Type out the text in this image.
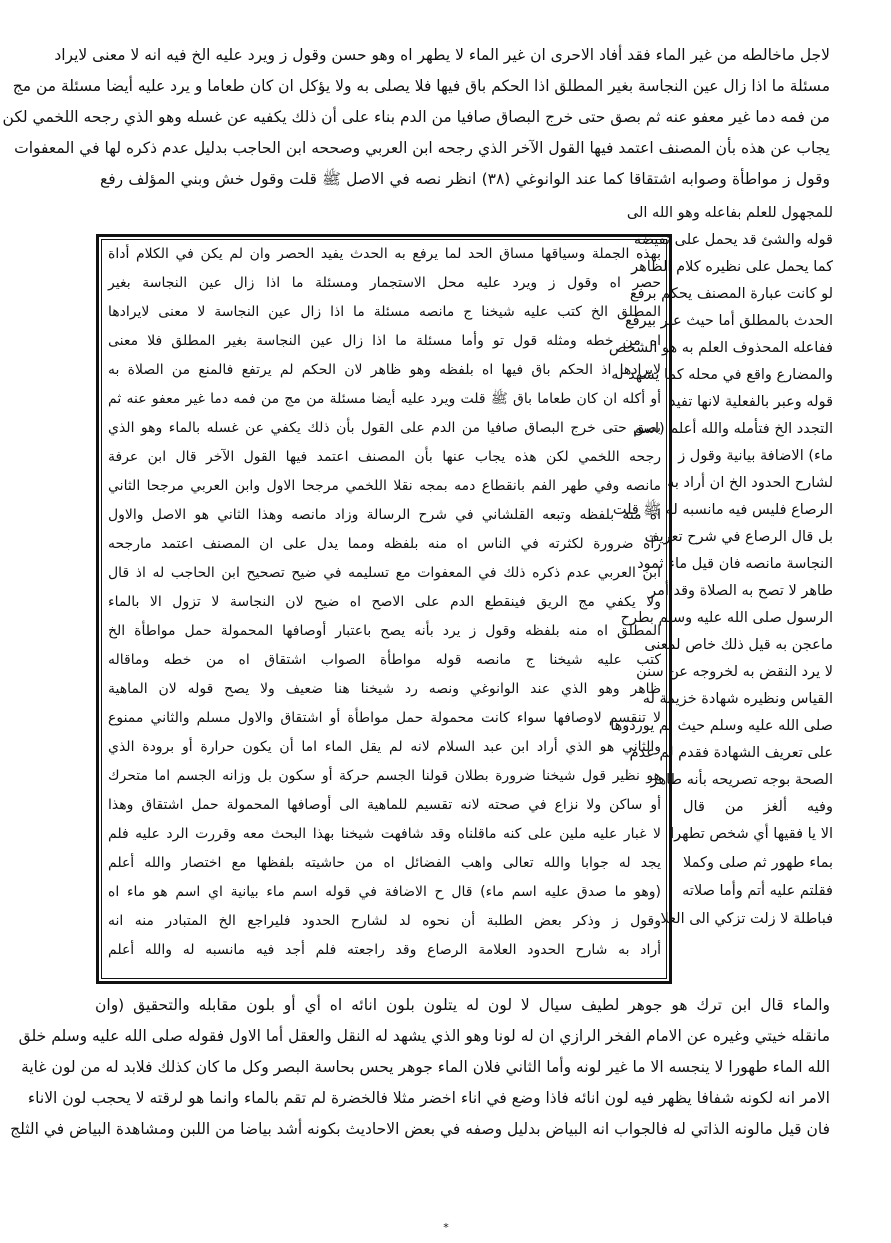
لاجل ماخالطه من غير الماء فقد أفاد الاحرى ان غير الماء لا يطهر اه وهو حسن وقول ز ويرد عليه الخ فيه انه لا معنى لايراد
مسئلة ما اذا زال عين النجاسة بغير المطلق اذا الحكم باق فيها فلا يصلى به ولا يؤكل ان كان طعاما و يرد عليه أيضا مسئلة من مج
من فمه دما غير معفو عنه ثم بصق حتى خرج البصاق صافيا من الدم بناء على أن ذلك يكفيه عن غسله وهو الذي رجحه اللخمي لكن
يجاب عن هذه بأن المصنف اعتمد فيها القول الآخر الذي رجحه ابن العربي وصححه ابن الحاجب بدليل عدم ذكره لها في المعفوات
وقول ز مواطأة وصوابه اشتقاقا كما عند الوانوغي (٣٨) انظر نصه في الاصل ﷺ قلت وقول خش وبني المؤلف رفع
للمجهول للعلم بفاعله وهو الله الى
قوله والشئ قد يحمل على نقيضه
كما يحمل على نظيره كلام الظاهر
لو كانت عبارة المصنف يحكم برفع
الحدث بالمطلق أما حيث عبر بيرفع
ففاعله المحذوف العلم به هو الشخص
والمضارع واقع في محله كما يشهد له
قوله وعبر بالفعلية لانها تفيد
التجدد الخ فتأمله والله أعلم (اسم
ماء) الاضافة بيانية وقول ز
لشارح الحدود الخ ان أراد به
الرصاع فليس فيه مانسبه له ﷺ قلت
بل قال الرصاع في شرح تعريف
النجاسة مانصه فان قيل ماء ثمود
طاهر لا تصح به الصلاة وقد أمر
الرسول صلى الله عليه وسلم بطرح
ماعجن به قيل ذلك خاص لمعنى
لا يرد النقض به لخروجه عن سنن
القياس ونظيره شهادة خزيمة له
صلى الله عليه وسلم حيث لم يوردوها
على تعريف الشهادة فقدم لم عدم
الصحة بوجه تصريحه بأنه طاهر
وفيه ألغز من قال
الا يا فقيها أي شخص تطهرا
بماء طهور ثم صلى وكملا
فقلتم عليه أتم وأما صلاته
فباطلة لا زلت تزكي الى العلا
بهذه الجملة وسياقها مساق الحد لما يرفع به الحدث يفيد الحصر وان لم يكن في الكلام أداة
حصر اه وقول ز ويرد عليه محل الاستجمار ومسئلة ما اذا زال عين النجاسة بغير
المطلق الخ كتب عليه شيخنا ج مانصه مسئلة ما اذا زال عين النجاسة لا معنى لايرادها
اه من خطه ومثله قول تو وأما مسئلة ما اذا زال عين النجاسة بغير المطلق فلا معنى
لايرادها اذ الحكم باق فيها اه بلفظه وهو ظاهر لان الحكم لم يرتفع فالمنع من الصلاة به
أو أكله ان كان طعاما باق ﷺ قلت ويرد عليه أيضا مسئلة من مج من فمه دما غير معفو عنه ثم
بصق حتى خرج البصاق صافيا من الدم على القول بأن ذلك يكفي عن غسله بالماء وهو الذي
رجحه اللخمي لكن هذه يجاب عنها بأن المصنف اعتمد فيها القول الآخر قال ابن عرفة
مانصه وفي طهر الفم بانقطاع دمه بمجه نقلا اللخمي مرجحا الاول وابن العربي مرجحا الثاني
اه منه بلفظه وتبعه القلشاني في شرح الرسالة وزاد مانصه وهذا الثاني هو الاصل والاول
رآه ضرورة لكثرته في الناس اه منه بلفظه ومما يدل على ان المصنف اعتمد مارجحه
ابن العربي عدم ذكره ذلك في المعفوات مع تسليمه في ضيح تصحيح ابن الحاجب له اذ قال
ولا يكفي مج الريق فينقطع الدم على الاصح اه ضيح لان النجاسة لا تزول الا بالماء
المطلق اه منه بلفظه وقول ز يرد بأنه يصح باعتبار أوصافها المحمولة حمل مواطأة الخ
كتب عليه شيخنا ج مانصه قوله مواطأة الصواب اشتقاق اه من خطه وماقاله
ظاهر وهو الذي عند الوانوغي ونصه رد شيخنا هنا ضعيف ولا يصح قوله لان الماهية
لا تنقسم لاوصافها سواء كانت محمولة حمل مواطأة أو اشتقاق والاول مسلم والثاني ممنوع
والثاني هو الذي أراد ابن عبد السلام لانه لم يقل الماء اما أن يكون حرارة أو برودة الذي
هو نظير قول شيخنا ضرورة بطلان قولنا الجسم حركة أو سكون بل وزانه الجسم اما متحرك
أو ساكن ولا نزاع في صحته لانه تقسيم للماهية الى أوصافها المحمولة حمل اشتقاق وهذا
لا غبار عليه ملين على كنه ماقلناه وقد شافهت شيخنا بهذا البحث معه وقررت الرد عليه فلم
يجد له جوابا والله تعالى واهب الفضائل اه من حاشيته بلفظها مع اختصار والله أعلم
(وهو ما صدق عليه اسم ماء) قال ح الاضافة في قوله اسم ماء بيانية اي اسم هو ماء اه
وقول ز وذكر بعض الطلبة أن نحوه لد لشارح الحدود فليراجع الخ المتبادر منه انه
أراد به شارح الحدود العلامة الرصاع وقد راجعته فلم أجد فيه مانسبه له والله أعلم
والماء قال ابن ترك هو جوهر لطيف سيال لا لون له يتلون بلون انائه اه أي أو بلون مقابله والتحقيق (وان
مانقله خيتي وغيره عن الامام الفخر الرازي ان له لونا وهو الذي يشهد له النقل والعقل أما الاول فقوله صلى الله عليه وسلم خلق
الله الماء طهورا لا ينجسه الا ما غير لونه وأما الثاني فلان الماء جوهر يحس بحاسة البصر وكل ما كان كذلك فلابد له من لون غاية
الامر انه لكونه شفافا يظهر فيه لون انائه فاذا وضع في اناء اخضر مثلا فالخضرة لم تقم بالماء وانما هو لرقته لا يحجب لون الاناء
فان قيل مالونه الذاتي له فالجواب انه البياض بدليل وصفه في بعض الاحاديث بكونه أشد بياضا من اللبن ومشاهدة البياض في الثلج
*
